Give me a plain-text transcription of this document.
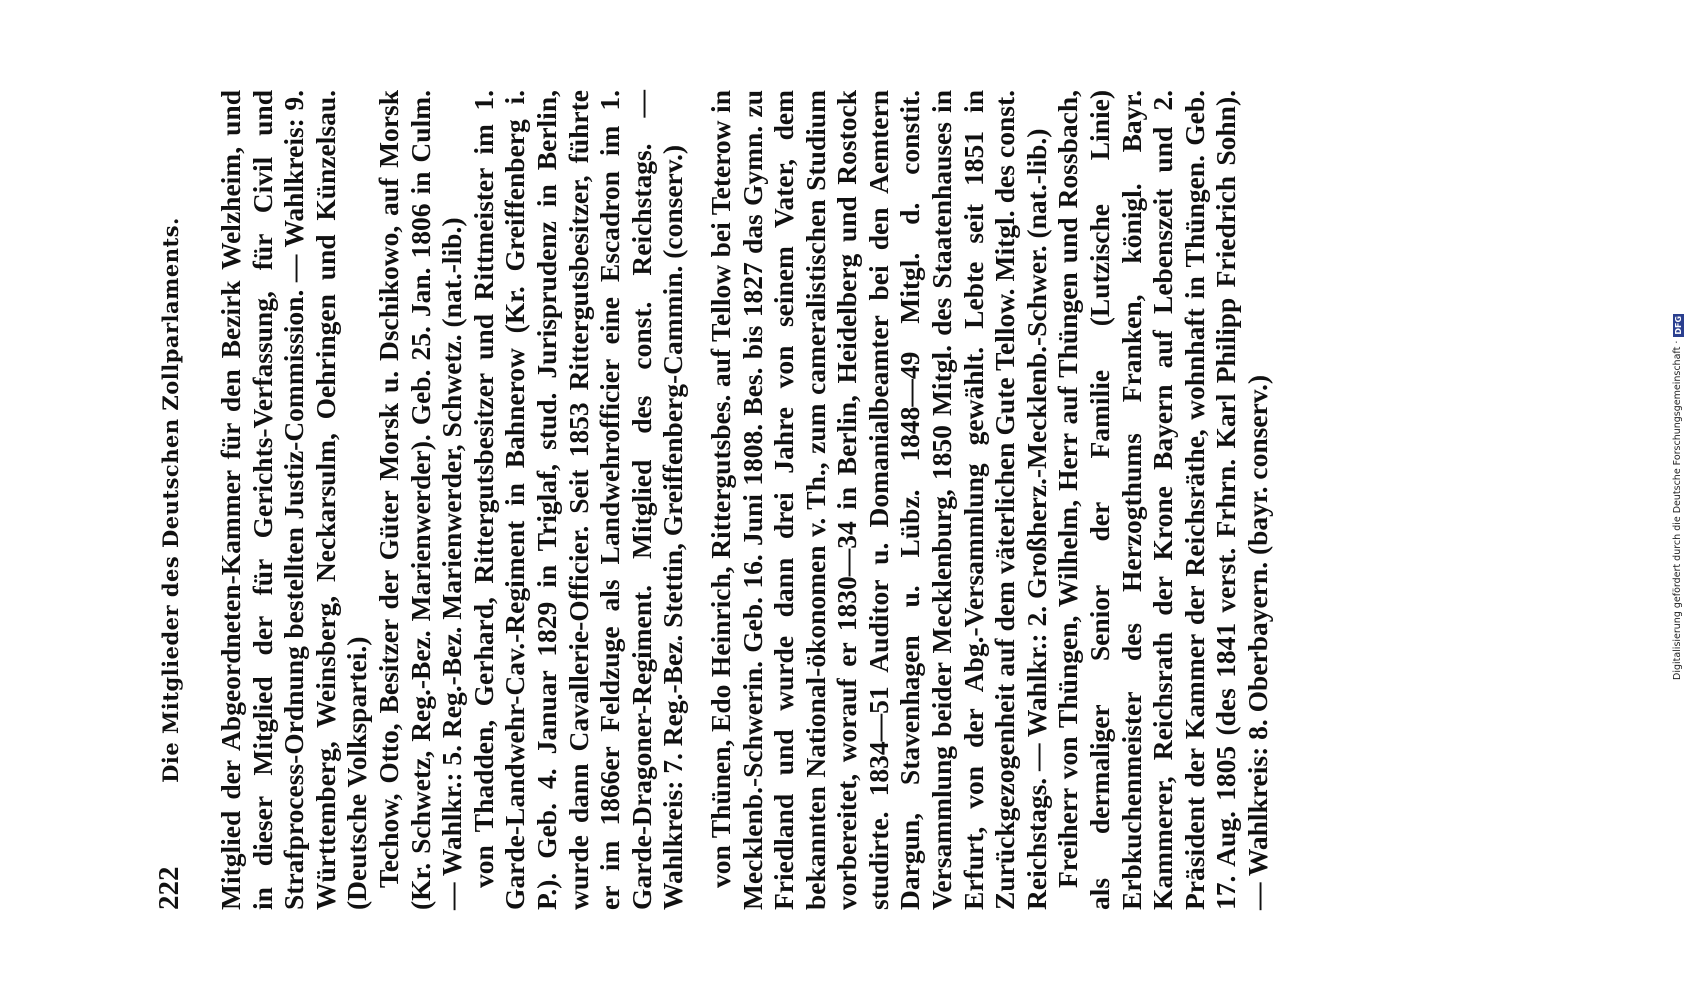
222
Die Mitglieder des Deutschen Zollparlaments. Mitglied der Abgeordneten-Kammer für den Bezirk Welzheim, und in dieser Mitglied der für Gerichts-Verfassung, für Civil und Strafprocess-Ordnung bestellten Justiz-Commission. — Wahlkreis: 9. Württemberg, Weinsberg, Neckarsulm, Oehringen und Künzelsau. (Deutsche Volkspartei.) Techow, Otto, Besitzer der Güter Morsk u. Dschikowo, auf Morsk (Kr. Schwetz, Reg.-Bez. Marienwerder). Geb. 25. Jan. 1806 in Culm. — Wahlkr.: 5. Reg.-Bez. Marienwerder, Schwetz. (nat.-lib.) von Thadden, Gerhard, Rittergutsbesitzer und Rittmeister im 1. Garde-Landwehr-Cav.-Regiment in Bahnerow (Kr. Greiffenberg i. P.). Geb. 4. Januar 1829 in Triglaf, stud. Jurisprudenz in Berlin, wurde dann Cavallerie-Officier. Seit 1853 Rittergutsbesitzer, führte er im 1866er Feldzuge als Landwehrofficier eine Escadron im 1. Garde-Dragoner-Regiment. Mitglied des const. Reichstags. — Wahlkreis: 7. Reg.-Bez. Stettin, Greiffenberg-Cammin. (conserv.) von Thünen, Edo Heinrich, Rittergutsbes. auf Tellow bei Teterow in Mecklenb.-Schwerin. Geb. 16. Juni 1808. Bes. bis 1827 das Gymn. zu Friedland und wurde dann drei Jahre von seinem Vater, dem bekannten National-ökonomen v. Th., zum cameralistischen Studium vorbereitet, worauf er 1830—34 in Berlin, Heidelberg und Rostock studirte. 1834—51 Auditor u. Domanialbeamter bei den Aemtern Dargun, Stavenhagen u. Lübz. 1848—49 Mitgl. d. constit. Versammlung beider Mecklenburg, 1850 Mitgl. des Staatenhauses in Erfurt, von der Abg.-Versammlung gewählt. Lebte seit 1851 in Zurückgezogenheit auf dem väterlichen Gute Tellow. Mitgl. des const. Reichstags. — Wahlkr.: 2. Großherz.-Mecklenb.-Schwer. (nat.-lib.) Freiherr von Thüngen, Wilhelm, Herr auf Thüngen und Rossbach, als dermaliger Senior der Familie (Lutzische Linie) Erbkuchenmeister des Herzogthums Franken, königl. Bayr. Kammerer, Reichsrath der Krone Bayern auf Lebenszeit und 2. Präsident der Kammer der Reichsräthe, wohnhaft in Thüngen. Geb. 17. Aug. 1805 (des 1841 verst. Frhrn. Karl Philipp Friedrich Sohn). — Wahlkreis: 8. Oberbayern. (bayr. conserv.)	Digitalisierung gefördert durch die Deutsche Forschungsgemeinschaft ·
DFG
